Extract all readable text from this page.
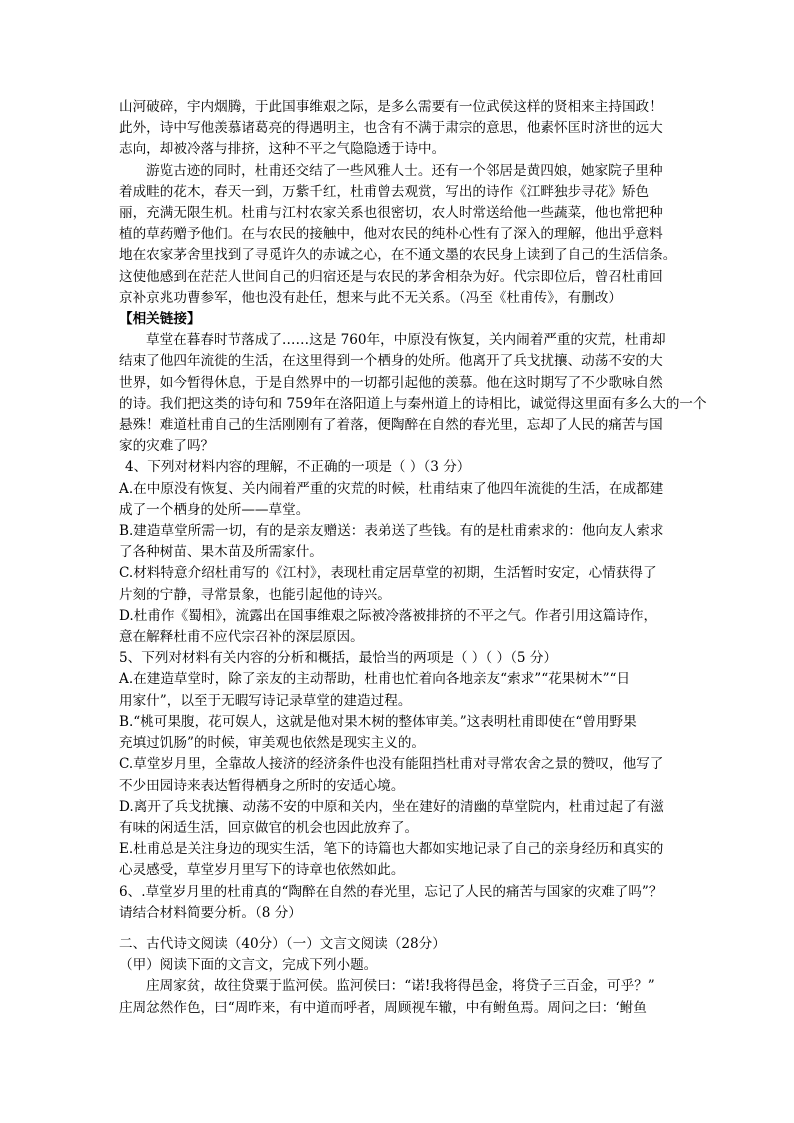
山河破碎，宇内烟腾，于此国事维艰之际，是多么需要有一位武侯这样的贤相来主持国政！
此外，诗中写他羡慕诸葛亮的得遇明主，也含有不满于肃宗的意思，他素怀匡时济世的远大
志向，却被冷落与排挤，这种不平之气隐隐透于诗中。
游览古迹的同时，杜甫还交结了一些风雅人士。还有一个邻居是黄四娘，她家院子里种
着成畦的花木，春天一到，万紫千红，杜甫曾去观赏，写出的诗作《江畔独步寻花》矫色
丽，充满无限生机。杜甫与江村农家关系也很密切，农人时常送给他一些蔬菜，他也常把种
植的草药赠予他们。在与农民的接触中，他对农民的纯朴心性有了深入的理解，他出乎意料
地在农家茅舍里找到了寻觅许久的赤诚之心，在不通文墨的农民身上读到了自己的生活信条。
这使他感到在茫茫人世间自己的归宿还是与农民的茅舍相杂为好。代宗即位后，曾召杜甫回
京补京兆功曹参军，他也没有赴任，想来与此不无关系。（冯至《杜甫传》，有删改）
【相关链接】
草堂在暮春时节落成了……这是 760年，中原没有恢复，关内闹着严重的灾荒，杜甫却
结束了他四年流徙的生活，在这里得到一个栖身的处所。他离开了兵戈扰攘、动荡不安的大
世界，如今暂得休息，于是自然界中的一切都引起他的羡慕。他在这时期写了不少歌咏自然
的诗。我们把这类的诗句和 759年在洛阳道上与秦州道上的诗相比，诚觉得这里面有多么大的一个
悬殊！难道杜甫自己的生活刚刚有了着落，便陶醉在自然的春光里，忘却了人民的痛苦与国
家的灾难了吗？
4、下列对材料内容的理解，不正确的一项是（ ）（3 分）
A.在中原没有恢复、关内闹着严重的灾荒的时候，杜甫结束了他四年流徙的生活，在成都建
成了一个栖身的处所——草堂。
B.建造草堂所需一切，有的是亲友赠送：表弟送了些钱。有的是杜甫索求的：他向友人索求
了各种树苗、果木苗及所需家什。
C.材料特意介绍杜甫写的《江村》，表现杜甫定居草堂的初期，生活暂时安定，心情获得了
片刻的宁静，寻常景象，也能引起他的诗兴。
D.杜甫作《蜀相》，流露出在国事维艰之际被冷落被排挤的不平之气。作者引用这篇诗作，
意在解释杜甫不应代宗召补的深层原因。
5、下列对材料有关内容的分析和概括，最恰当的两项是（ ）（ ）（5 分）
A.在建造草堂时，除了亲友的主动帮助，杜甫也忙着向各地亲友“索求”“花果树木”“日
用家什”，以至于无暇写诗记录草堂的建造过程。
B.“桃可果腹，花可娱人，这就是他对果木树的整体审美。”这表明杜甫即使在“曾用野果
充填过饥肠”的时候，审美观也依然是现实主义的。
C.草堂岁月里，全靠故人接济的经济条件也没有能阻挡杜甫对寻常农舍之景的赞叹，他写了
不少田园诗来表达暂得栖身之所时的安适心境。
D.离开了兵戈扰攘、动荡不安的中原和关内，坐在建好的清幽的草堂院内，杜甫过起了有滋
有味的闲适生活，回京做官的机会也因此放弃了。
E.杜甫总是关注身边的现实生活，笔下的诗篇也大都如实地记录了自己的亲身经历和真实的
心灵感受，草堂岁月里写下的诗章也依然如此。
6、.草堂岁月里的杜甫真的“陶醉在自然的春光里，忘记了人民的痛苦与国家的灾难了吗”？
请结合材料简要分析。（8 分）
二、古代诗文阅读（40分）（一）文言文阅读（28分）
（甲）阅读下面的文言文，完成下列小题。
庄周家贫，故往贷粟于监河侯。监河侯曰：“诺!我将得邑金，将贷子三百金，可乎？”
庄周忿然作色，曰“周昨来，有中道而呼者，周顾视车辙，中有鲋鱼焉。周问之曰：‘鲋鱼
